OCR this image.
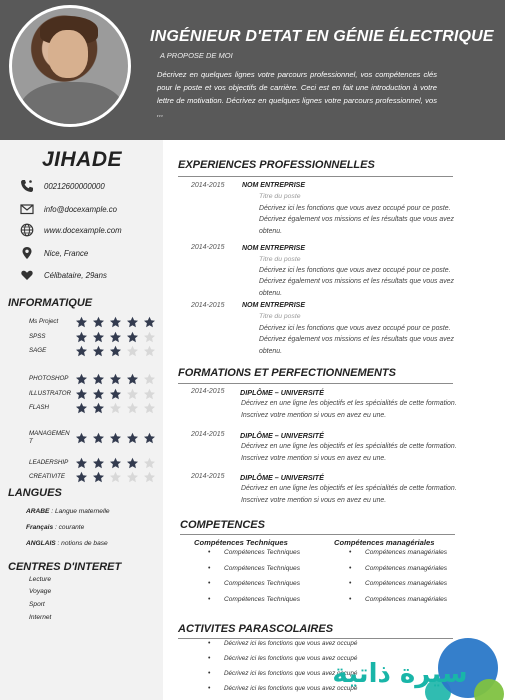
INGÉNIEUR D'ETAT EN GÉNIE ÉLECTRIQUE
A PROPOSE DE MOI
Décrivez en quelques lignes votre parcours professionnel, vos compétences clés pour le poste et vos objectifs de carrière. Ceci est en fait une introduction à votre lettre de motivation. Décrivez en quelques lignes votre parcours professionnel, vos ,,,
JIHADE
00212600000000
info@docexample.co
www.docexample.com
Nice, France
Célibataire, 29ans
INFORMATIQUE
Ms Project
SPSS
SAGE
PHOTOSHOP
ILLUSTRATOR
FLASH
MANAGEMEN T
LEADERSHIP
CREATIVITE
LANGUES
ARABE : Langue maternelle
Français : courante
ANGLAIS : notions de base
CENTRES D'INTERET
Lecture
Voyage
Sport
Internet
EXPERIENCES PROFESSIONNELLES
2014-2015	NOM ENTREPRISE
Titre du poste
Décrivez ici les fonctions que vous avez occupé pour ce poste. Décrivez également vos missions et les résultats que vous avez obtenu.
2014-2015	NOM ENTREPRISE
Titre du poste
Décrivez ici les fonctions que vous avez occupé pour ce poste. Décrivez également vos missions et les résultats que vous avez obtenu.
2014-2015	NOM ENTREPRISE
Titre du poste
Décrivez ici les fonctions que vous avez occupé pour ce poste. Décrivez également vos missions et les résultats que vous avez obtenu.
FORMATIONS ET PERFECTIONNEMENTS
2014-2015 DIPLÔME – UNIVERSITÉ
Décrivez en une ligne les objectifs et les spécialités de cette formation. Inscrivez votre mention si vous en avez eu une.
2014-2015 DIPLÔME – UNIVERSITÉ
Décrivez en une ligne les objectifs et les spécialités de cette formation. Inscrivez votre mention si vous en avez eu une.
2014-2015 DIPLÔME – UNIVERSITÉ
Décrivez en une ligne les objectifs et les spécialités de cette formation. Inscrivez votre mention si vous en avez eu une.
COMPETENCES
Compétences Techniques	Compétences managériales
• Compétences Techniques
• Compétences Techniques
• Compétences Techniques
• Compétences Techniques
• Compétences managériales
• Compétences managériales
• Compétences managériales
• Compétences managériales
ACTIVITES PARASCOLAIRES
• Décrivez ici les fonctions que vous avez occupé
• Décrivez ici les fonctions que vous avez occupé
• Décrivez ici les fonctions que vous avez occupé
• Décrivez ici les fonctions que vous avez occupé
سيرة ذاتية
